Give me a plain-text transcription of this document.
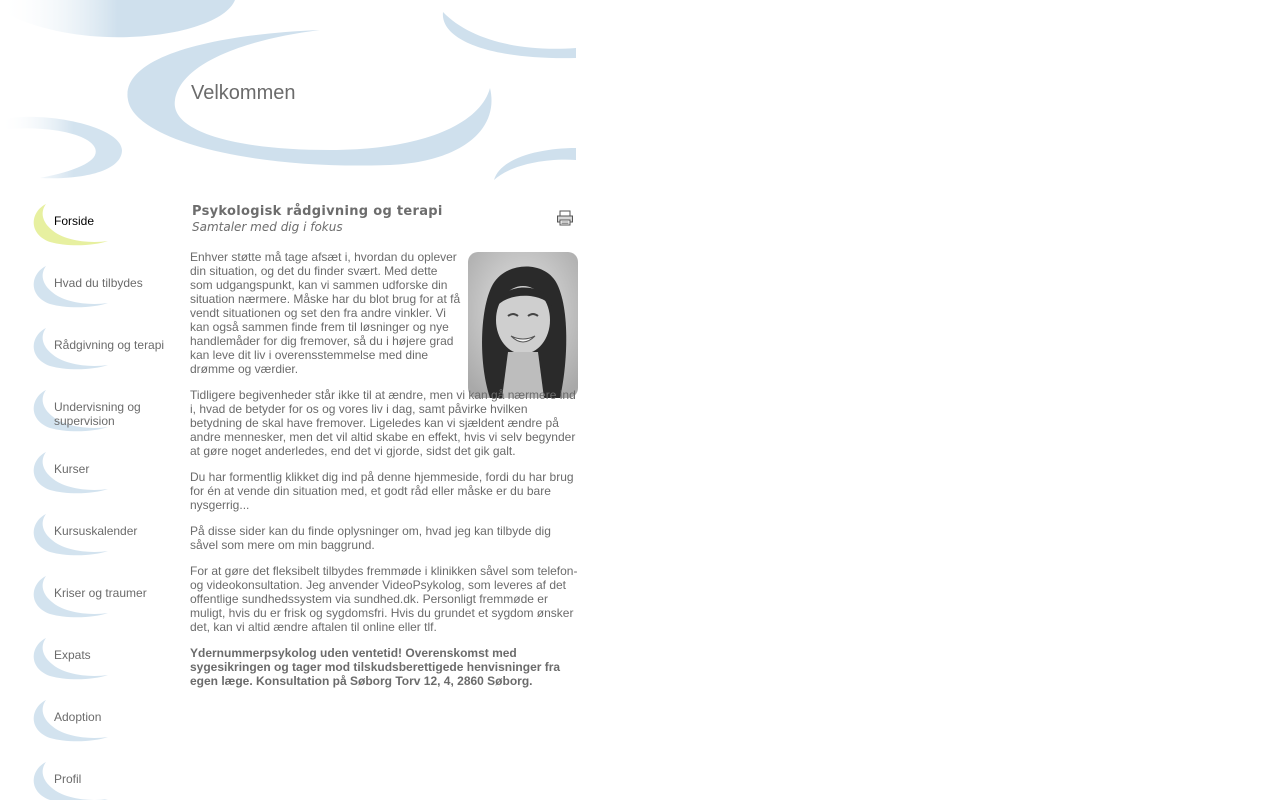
Velkommen
Forside
Hvad du tilbydes
Rådgivning og terapi
Undervisning og supervision
Kurser
Kursuskalender
Kriser og traumer
Expats
Adoption
Profil
Psykologisk rådgivning og terapi
Samtaler med dig i fokus

Enhver støtte må tage afsæt i, hvordan du oplever din situation, og det du finder svært. Med dette som udgangspunkt, kan vi sammen udforske din situation nærmere. Måske har du blot brug for at få vendt situationen og set den fra andre vinkler. Vi kan også sammen finde frem til løsninger og nye handlemåder for dig fremover, så du i højere grad kan leve dit liv i overensstemmelse med dine drømme og værdier.

Tidligere begivenheder står ikke til at ændre, men vi kan gå nærmere ind i, hvad de betyder for os og vores liv i dag, samt påvirke hvilken betydning de skal have fremover. Ligeledes kan vi sjældent ændre på andre mennesker, men det vil altid skabe en effekt, hvis vi selv begynder at gøre noget anderledes, end det vi gjorde, sidst det gik galt.

Du har formentlig klikket dig ind på denne hjemmeside, fordi du har brug for én at vende din situation med, et godt råd eller måske er du bare nysgerrig...

På disse sider kan du finde oplysninger om, hvad jeg kan tilbyde dig såvel som mere om min baggrund.

For at gøre det fleksibelt tilbydes fremmøde i klinikken såvel som telefon- og videokonsultation. Jeg anvender VideoPsykolog, som leveres af det offentlige sundhedssystem via sundhed.dk. Personligt fremmøde er muligt, hvis du er frisk og sygdomsfri. Hvis du grundet et sygdom ønsker det, kan vi altid ændre aftalen til online eller tlf.

Ydernummerpsykolog uden ventetid! Overenskomst med sygesikringen og tager mod tilskudsberettigede henvisninger fra egen læge. Konsultation på Søborg Torv 12, 4, 2860 Søborg.
